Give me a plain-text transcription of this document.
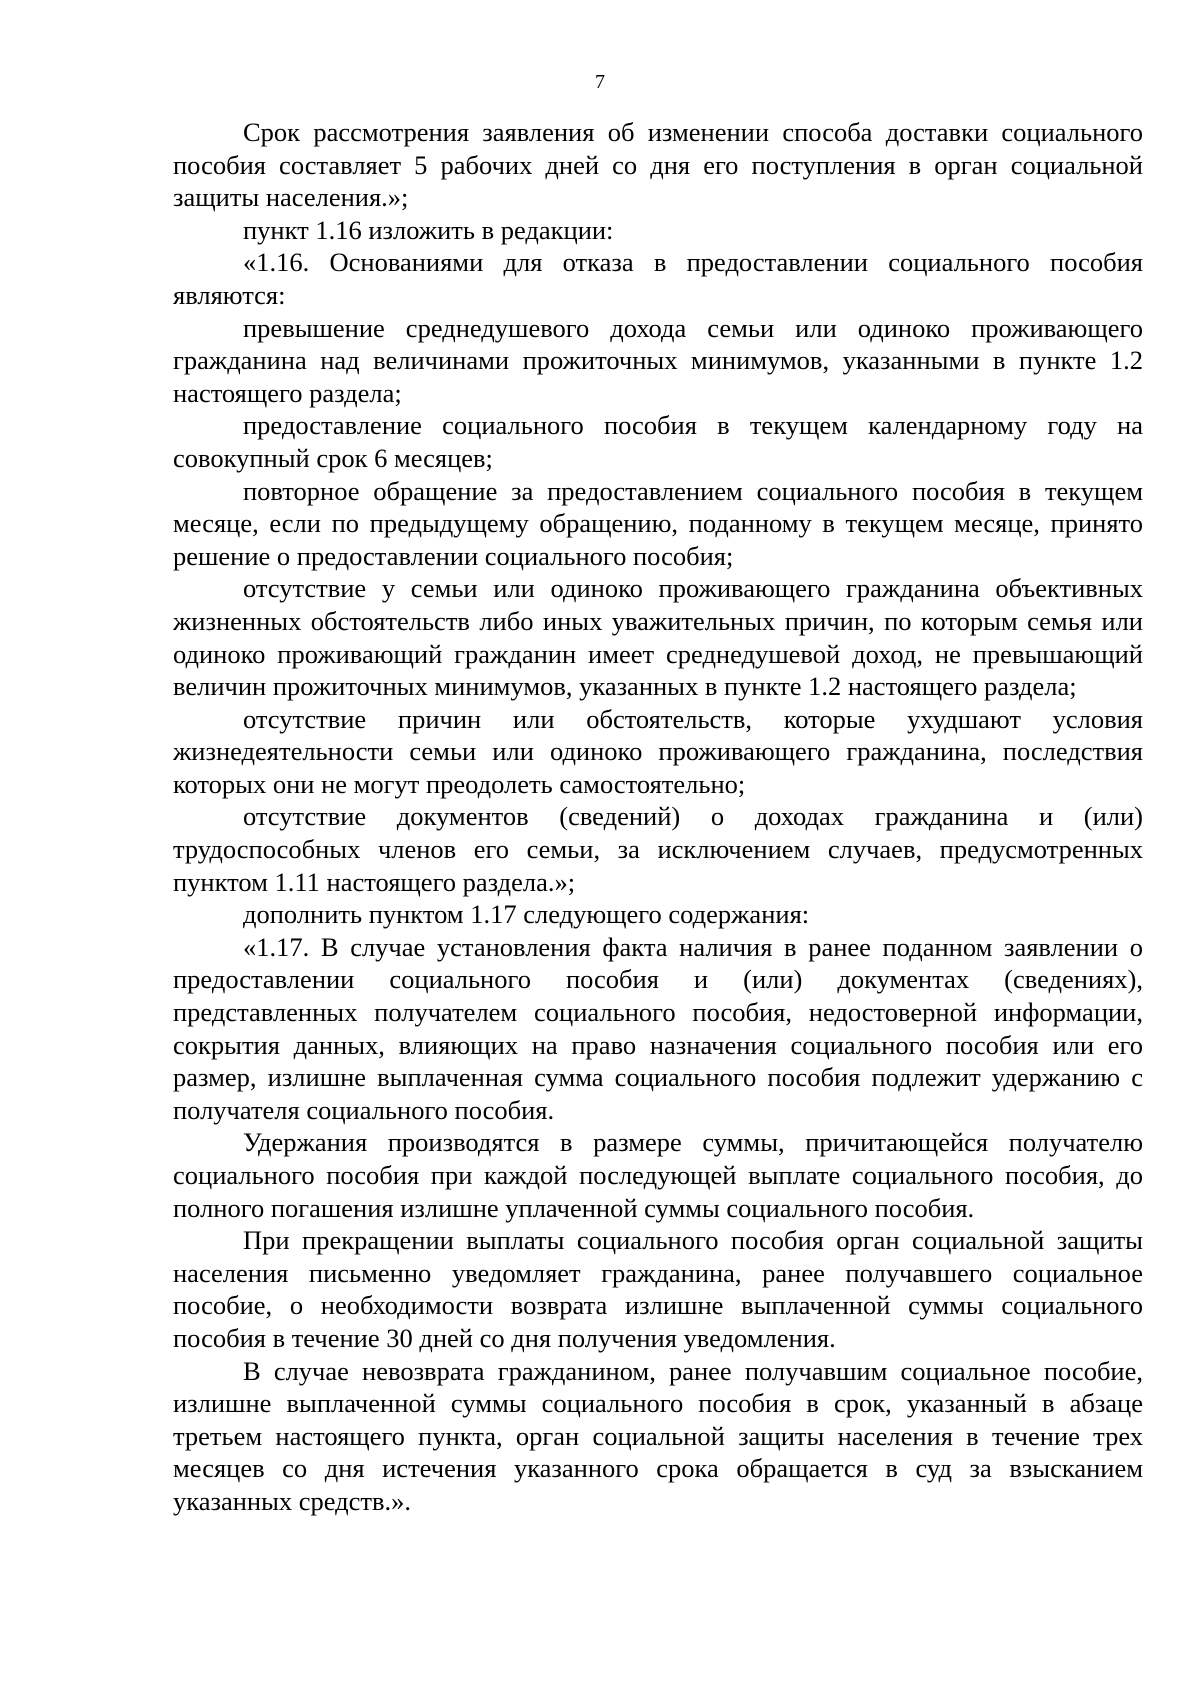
7

Срок рассмотрения заявления об изменении способа доставки социального пособия составляет 5 рабочих дней со дня его поступления в орган социальной защиты населения.»;

пункт 1.16 изложить в редакции:

«1.16. Основаниями для отказа в предоставлении социального пособия являются:

превышение среднедушевого дохода семьи или одиноко проживающего гражданина над величинами прожиточных минимумов, указанными в пункте 1.2 настоящего раздела;

предоставление социального пособия в текущем календарному году на совокупный срок 6 месяцев;

повторное обращение за предоставлением социального пособия в текущем месяце, если по предыдущему обращению, поданному в текущем месяце, принято решение о предоставлении социального пособия;

отсутствие у семьи или одиноко проживающего гражданина объективных жизненных обстоятельств либо иных уважительных причин, по которым семья или одиноко проживающий гражданин имеет среднедушевой доход, не превышающий величин прожиточных минимумов, указанных в пункте 1.2 настоящего раздела;

отсутствие причин или обстоятельств, которые ухудшают условия жизнедеятельности семьи или одиноко проживающего гражданина, последствия которых они не могут преодолеть самостоятельно;

отсутствие документов (сведений) о доходах гражданина и (или) трудоспособных членов его семьи, за исключением случаев, предусмотренных пунктом 1.11 настоящего раздела.»;

дополнить пунктом 1.17 следующего содержания:

«1.17. В случае установления факта наличия в ранее поданном заявлении о предоставлении социального пособия и (или) документах (сведениях), представленных получателем социального пособия, недостоверной информации, сокрытия данных, влияющих на право назначения социального пособия или его размер, излишне выплаченная сумма социального пособия подлежит удержанию с получателя социального пособия.

Удержания производятся в размере суммы, причитающейся получателю социального пособия при каждой последующей выплате социального пособия, до полного погашения излишне уплаченной суммы социального пособия.

При прекращении выплаты социального пособия орган социальной защиты населения письменно уведомляет гражданина, ранее получавшего социальное пособие, о необходимости возврата излишне выплаченной суммы социального пособия в течение 30 дней со дня получения уведомления.

В случае невозврата гражданином, ранее получавшим социальное пособие, излишне выплаченной суммы социального пособия в срок, указанный в абзаце третьем настоящего пункта, орган социальной защиты населения в течение трех месяцев со дня истечения указанного срока обращается в суд за взысканием указанных средств.».
